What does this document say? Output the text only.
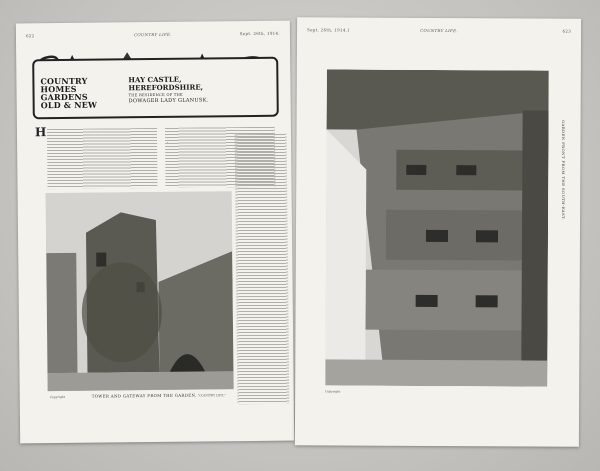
622	COUNTRY LIFE.	Sept. 26th, 1914.
COUNTRY
HOMES
GARDENS
OLD & NEW
HAY CASTLE,
HEREFORDSHIRE,
THE RESIDENCE OF THE
DOWAGER LADY GLANUSK.
H
Copyright	TOWER AND GATEWAY FROM THE GARDEN. "COUNTRY LIFE."
Sept. 26th, 1914.]	COUNTRY LIFE.	623
Copyright
GARDEN FRONT FROM THE SOUTH-EAST.
